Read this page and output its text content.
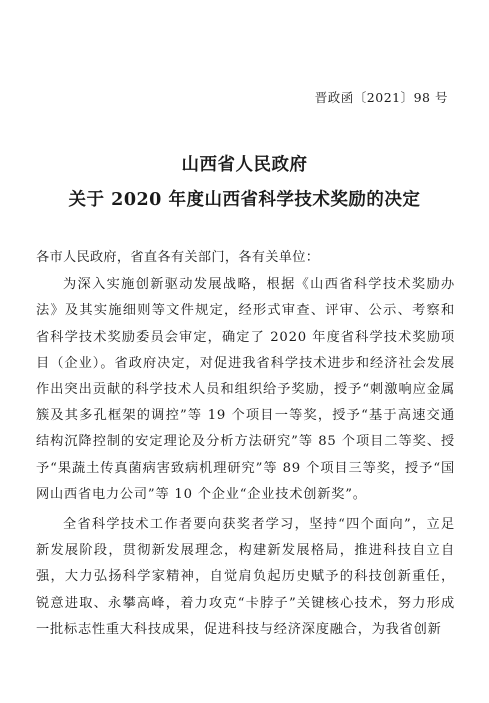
晋政函〔2021〕98 号
山西省人民政府
关于 2020 年度山西省科学技术奖励的决定

各市人民政府，省直各有关部门，各有关单位：

为深入实施创新驱动发展战略，根据《山西省科学技术奖励办法》及其实施细则等文件规定，经形式审查、评审、公示、考察和省科学技术奖励委员会审定，确定了 2020 年度省科学技术奖励项目（企业）。省政府决定，对促进我省科学技术进步和经济社会发展作出突出贡献的科学技术人员和组织给予奖励，授予“刺激响应金属簇及其多孔框架的调控”等 19 个项目一等奖，授予“基于高速交通结构沉降控制的安定理论及分析方法研究”等 85 个项目二等奖、授予“果蔬土传真菌病害致病机理研究”等 89 个项目三等奖，授予“国网山西省电力公司”等 10 个企业“企业技术创新奖”。

全省科学技术工作者要向获奖者学习，坚持“四个面向”，立足新发展阶段，贯彻新发展理念，构建新发展格局，推进科技自立自强，大力弘扬科学家精神，自觉肩负起历史赋予的科技创新重任，锐意进取、永攀高峰，着力攻克“卡脖子”关键核心技术，努力形成一批标志性重大科技成果，促进科技与经济深度融合，为我省创新
